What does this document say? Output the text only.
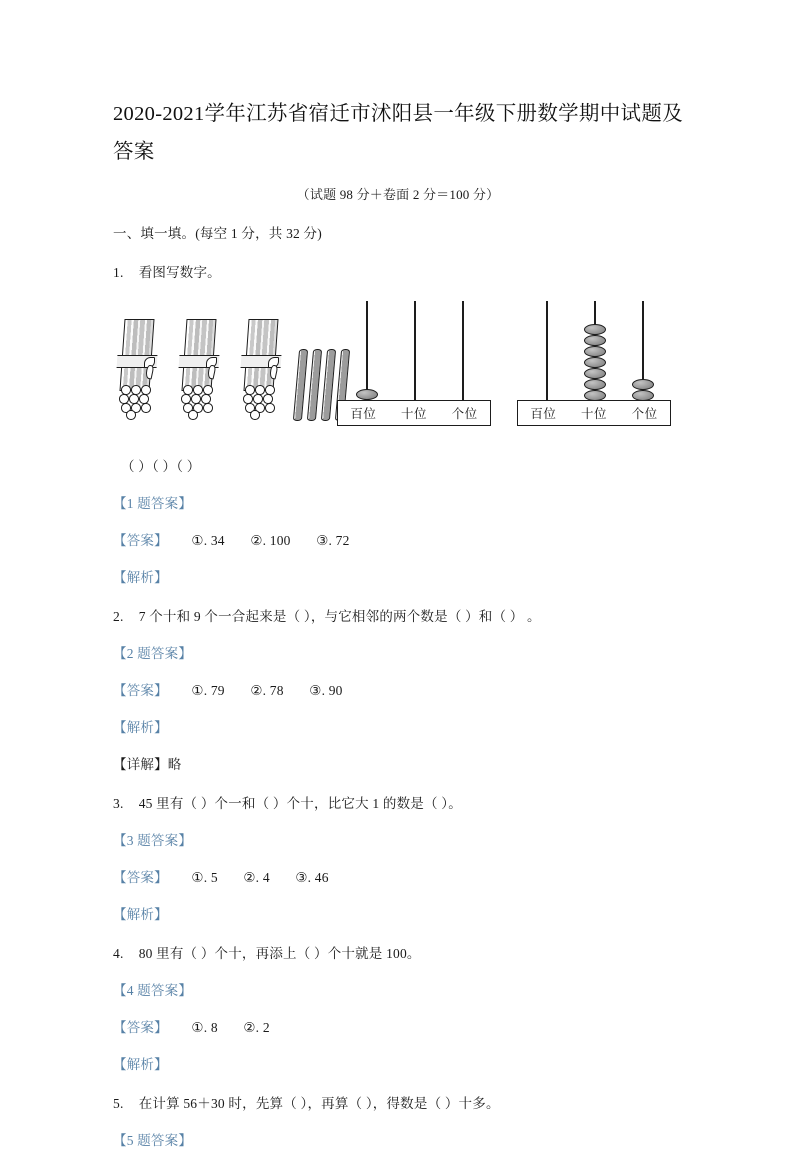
2020-2021学年江苏省宿迁市沭阳县一年级下册数学期中试题及答案
（试题 98 分＋卷面 2 分＝100 分）
一、填一填。(每空 1 分，共 32 分)
1. 看图写数字。
百位 十位 个位	百位 十位 个位
（ ）（ ）（ ）
【1 题答案】
【答案】 ①. 34 ②. 100 ③. 72
【解析】
2. 7 个十和 9 个一合起来是（ ），与它相邻的两个数是（ ）和（ ） 。
【2 题答案】
【答案】 ①. 79 ②. 78 ③. 90
【解析】
【详解】略
3. 45 里有（ ）个一和（ ）个十，比它大 1 的数是（ ）。
【3 题答案】
【答案】 ①. 5 ②. 4 ③. 46
【解析】
4. 80 里有（ ）个十，再添上（ ）个十就是 100。
【4 题答案】
【答案】 ①. 8 ②. 2
【解析】
5. 在计算 56＋30 时，先算（ ），再算（ ），得数是（ ）十多。
【5 题答案】
